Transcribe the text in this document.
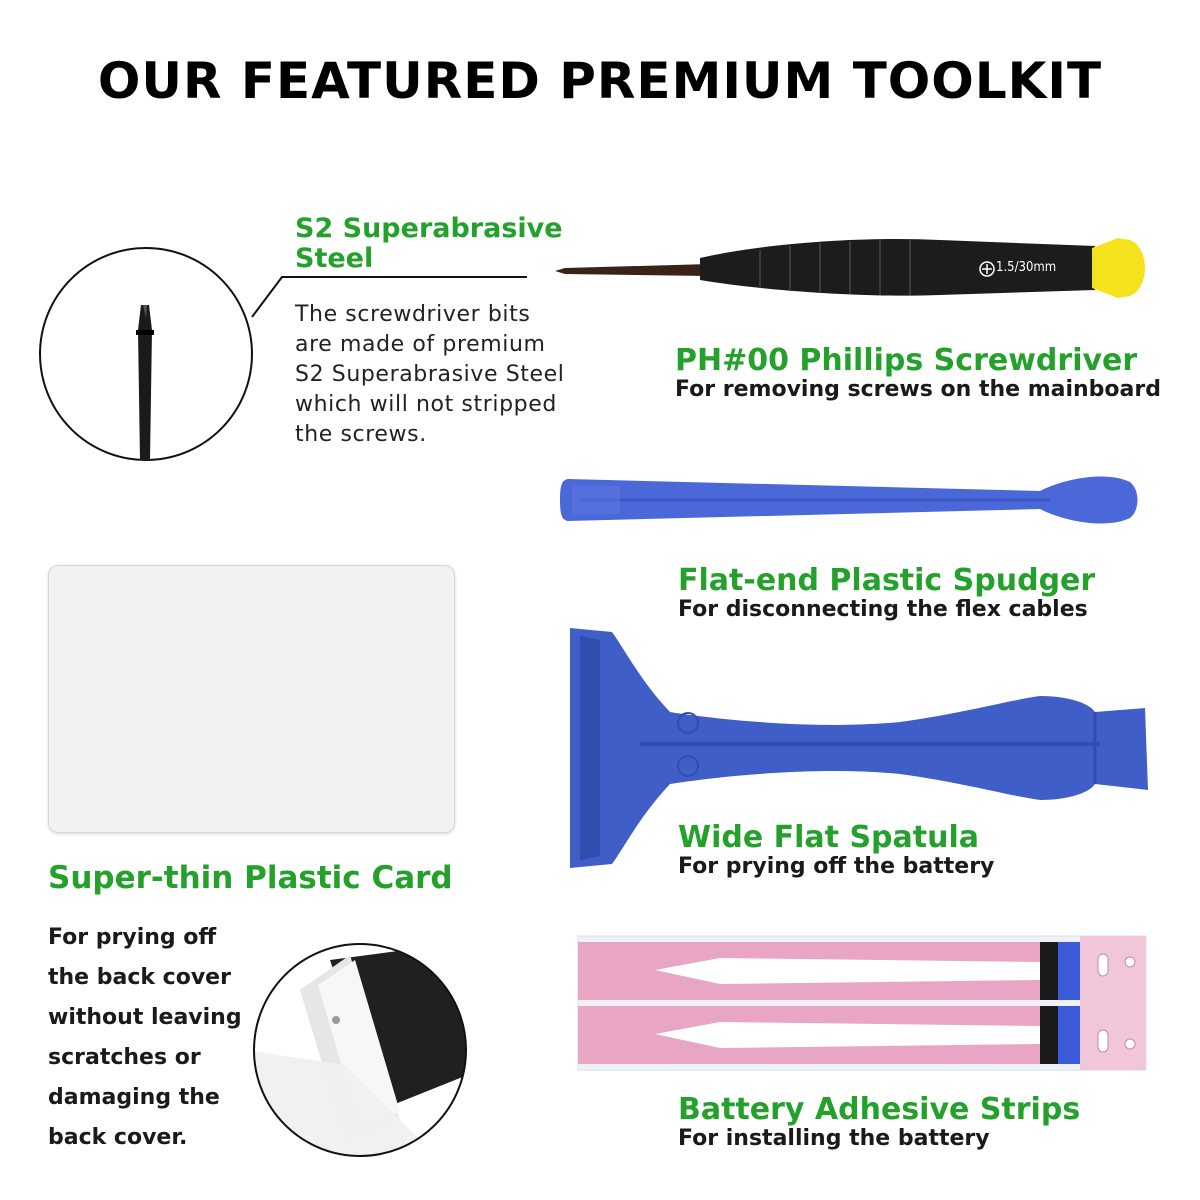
OUR FEATURED PREMIUM TOOLKIT
S2 Superabrasive
Steel
The screwdriver bits
are made of premium
S2 Superabrasive Steel
which will not stripped
the screws.
1.5/30mm
PH#00 Phillips Screwdriver
For removing screws on the mainboard
Flat-end Plastic Spudger
For disconnecting the flex cables
Wide Flat Spatula
For prying off the battery
Super-thin Plastic Card
For prying off
the back cover
without leaving
scratches or
damaging the
back cover.
Battery Adhesive Strips
For installing the battery
